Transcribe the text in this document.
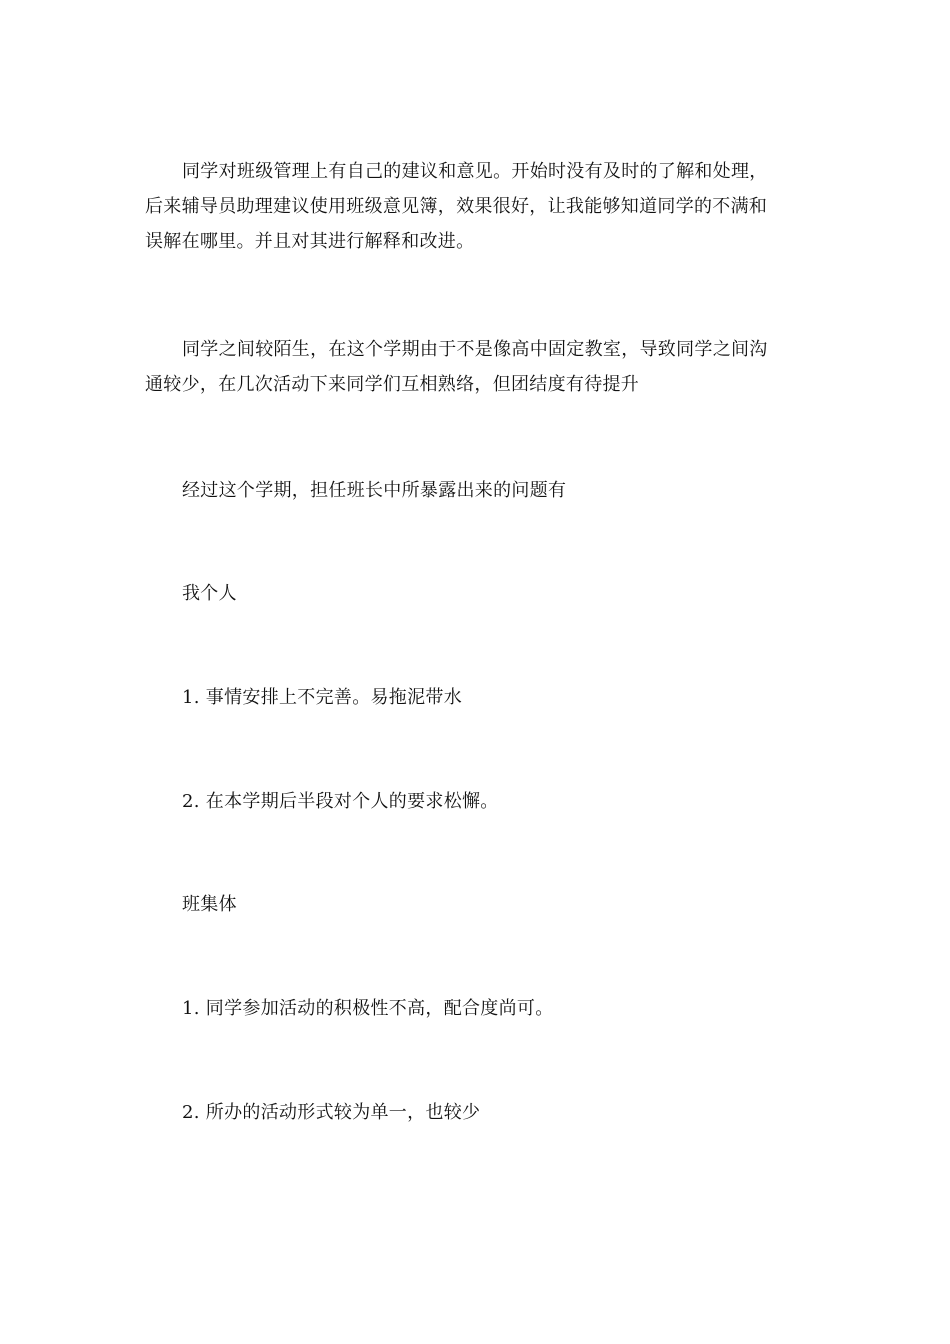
同学对班级管理上有自己的建议和意见。开始时没有及时的了解和处理，
后来辅导员助理建议使用班级意见簿，效果很好，让我能够知道同学的不满和
误解在哪里。并且对其进行解释和改进。

同学之间较陌生，在这个学期由于不是像高中固定教室，导致同学之间沟
通较少，在几次活动下来同学们互相熟络，但团结度有待提升

经过这个学期，担任班长中所暴露出来的问题有

我个人

1. 事情安排上不完善。易拖泥带水

2. 在本学期后半段对个人的要求松懈。

班集体

1. 同学参加活动的积极性不高，配合度尚可。

2. 所办的活动形式较为单一，也较少
